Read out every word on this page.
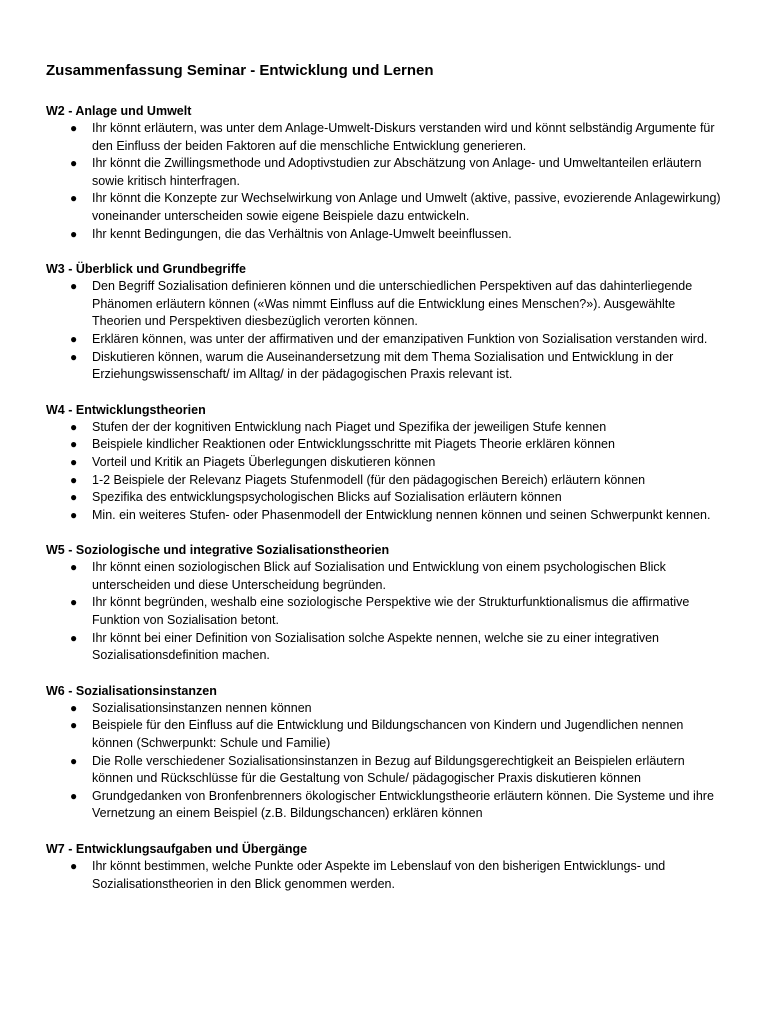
Zusammenfassung Seminar - Entwicklung und Lernen
W2 - Anlage und Umwelt
● Ihr könnt erläutern, was unter dem Anlage-Umwelt-Diskurs verstanden wird und könnt selbständig Argumente für den Einfluss der beiden Faktoren auf die menschliche Entwicklung generieren.
● Ihr könnt die Zwillingsmethode und Adoptivstudien zur Abschätzung von Anlage- und Umweltanteilen erläutern sowie kritisch hinterfragen.
● Ihr könnt die Konzepte zur Wechselwirkung von Anlage und Umwelt (aktive, passive, evozierende Anlagewirkung) voneinander unterscheiden sowie eigene Beispiele dazu entwickeln.
● Ihr kennt Bedingungen, die das Verhältnis von Anlage-Umwelt beeinflussen.
W3 - Überblick und Grundbegriffe
● Den Begriff Sozialisation definieren können und die unterschiedlichen Perspektiven auf das dahinterliegende Phänomen erläutern können («Was nimmt Einfluss auf die Entwicklung eines Menschen?»). Ausgewählte Theorien und Perspektiven diesbezüglich verorten können.
● Erklären können, was unter der affirmativen und der emanzipativen Funktion von Sozialisation verstanden wird.
● Diskutieren können, warum die Auseinandersetzung mit dem Thema Sozialisation und Entwicklung in der Erziehungswissenschaft/ im Alltag/ in der pädagogischen Praxis relevant ist.
W4 - Entwicklungstheorien
● Stufen der der kognitiven Entwicklung nach Piaget und Spezifika der jeweiligen Stufe kennen
● Beispiele kindlicher Reaktionen oder Entwicklungsschritte mit Piagets Theorie erklären können
● Vorteil und Kritik an Piagets Überlegungen diskutieren können
● 1-2 Beispiele der Relevanz Piagets Stufenmodell (für den pädagogischen Bereich) erläutern können
● Spezifika des entwicklungspsychologischen Blicks auf Sozialisation erläutern können
● Min. ein weiteres Stufen- oder Phasenmodell der Entwicklung nennen können und seinen Schwerpunkt kennen.
W5 - Soziologische und integrative Sozialisationstheorien
● Ihr könnt einen soziologischen Blick auf Sozialisation und Entwicklung von einem psychologischen Blick unterscheiden und diese Unterscheidung begründen.
● Ihr könnt begründen, weshalb eine soziologische Perspektive wie der Strukturfunktionalismus die affirmative Funktion von Sozialisation betont.
● Ihr könnt bei einer Definition von Sozialisation solche Aspekte nennen, welche sie zu einer integrativen Sozialisationsdefinition machen.
W6 - Sozialisationsinstanzen
● Sozialisationsinstanzen nennen können
● Beispiele für den Einfluss auf die Entwicklung und Bildungschancen von Kindern und Jugendlichen nennen können (Schwerpunkt: Schule und Familie)
● Die Rolle verschiedener Sozialisationsinstanzen in Bezug auf Bildungsgerechtigkeit an Beispielen erläutern können und Rückschlüsse für die Gestaltung von Schule/ pädagogischer Praxis diskutieren können
● Grundgedanken von Bronfenbrenners ökologischer Entwicklungstheorie erläutern können. Die Systeme und ihre Vernetzung an einem Beispiel (z.B. Bildungschancen) erklären können
W7 - Entwicklungsaufgaben und Übergänge
● Ihr könnt bestimmen, welche Punkte oder Aspekte im Lebenslauf von den bisherigen Entwicklungs- und Sozialisationstheorien in den Blick genommen werden.
